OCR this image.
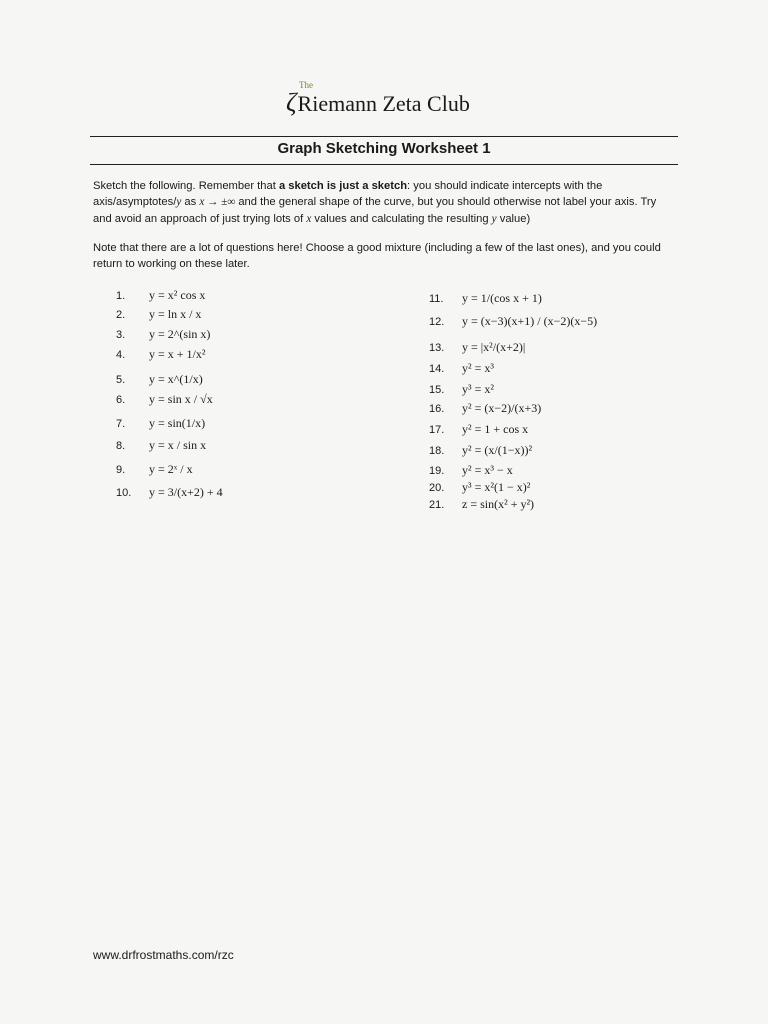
ζ
The
Riemann Zeta Club
Graph Sketching Worksheet 1
Sketch the following. Remember that a sketch is just a sketch: you should indicate intercepts with the axis/asymptotes/y as x → ±∞ and the general shape of the curve, but you should otherwise not label your axis. Try and avoid an approach of just trying lots of x values and calculating the resulting y value)
Note that there are a lot of questions here! Choose a good mixture (including a few of the last ones), and you could return to working on these later.
1.	y = x² cos x
2.	y = ln x / x
3.	y = 2^(sin x)
4.	y = x + 1/x²
5.	y = x^(1/x)
6.	y = sin x / √x
7.	y = sin(1/x)
8.	y = x / sin x
9.	y = 2ˣ / x
10.	y = 3/(x+2) + 4
11.	y = 1/(cos x + 1)
12.	y = (x−3)(x+1) / (x−2)(x−5)
13.	y = |x²/(x+2)|
14.	y² = x³
15.	y³ = x²
16.	y² = (x−2)/(x+3)
17.	y² = 1 + cos x
18.	y² = (x/(1−x))²
19.	y² = x³ − x
20.	y³ = x²(1 − x)²
21.	z = sin(x² + y²)
www.drfrostmaths.com/rzc
